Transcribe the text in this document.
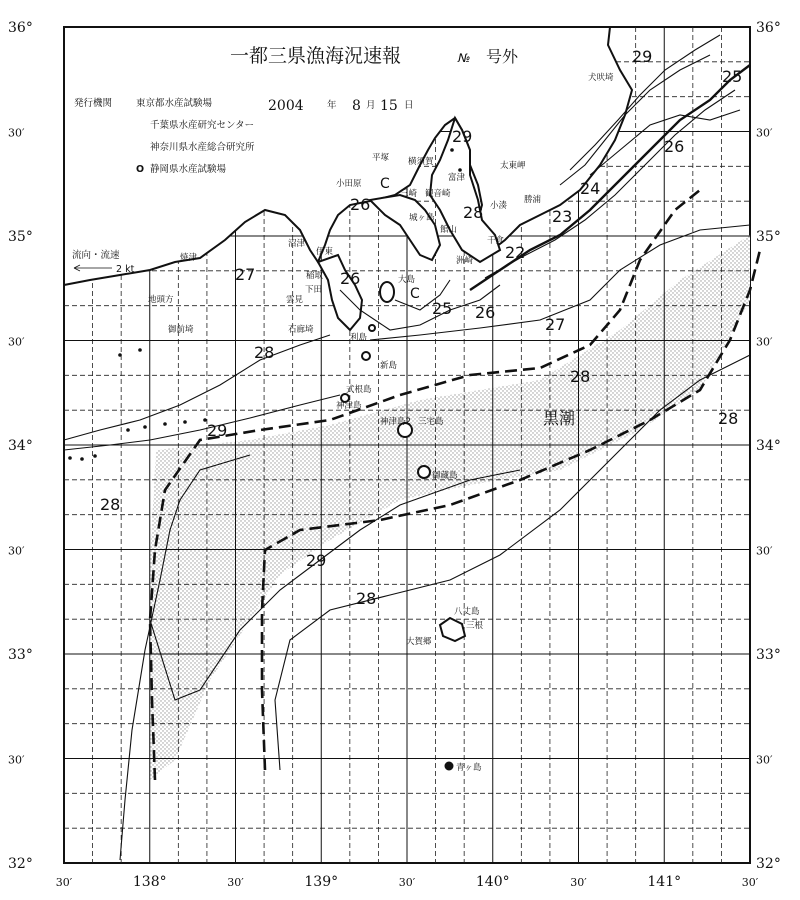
一都三県漁海況速報	№ 号外
発行機関	東京都水産試験場
千葉県水産研究センター
神奈川県水産総合研究所
O 静岡県水産試験場
2004 年 8 月 15 日
流向・流速
2 kt
黒潮
C
C
29
25
26
24
23
22
29
28
26
27	26
25 26
27
28
29
28
28
28
29
28
犬吠埼
太東岬
勝浦
小湊
千倉
館山
洲崎
富津
横須賀
観音崎
平塚
三崎
小田原
城ヶ島
沼津
焼津
地頭方
御前埼	石廊埼
伊東
稲取
下田
雲見
大島
利島
新島
式根島
神津島
三宅島
御蔵島
神津島2
八丈島
三根
大賀郷
青ヶ島
36°
30′
35°
30′
34°
30′
33°
30′
32°
36°
30′
35°
30′
34°
30′
33°
30′
32°
30′	138°	30′	139°	30′	140°	30′	141°	30′
